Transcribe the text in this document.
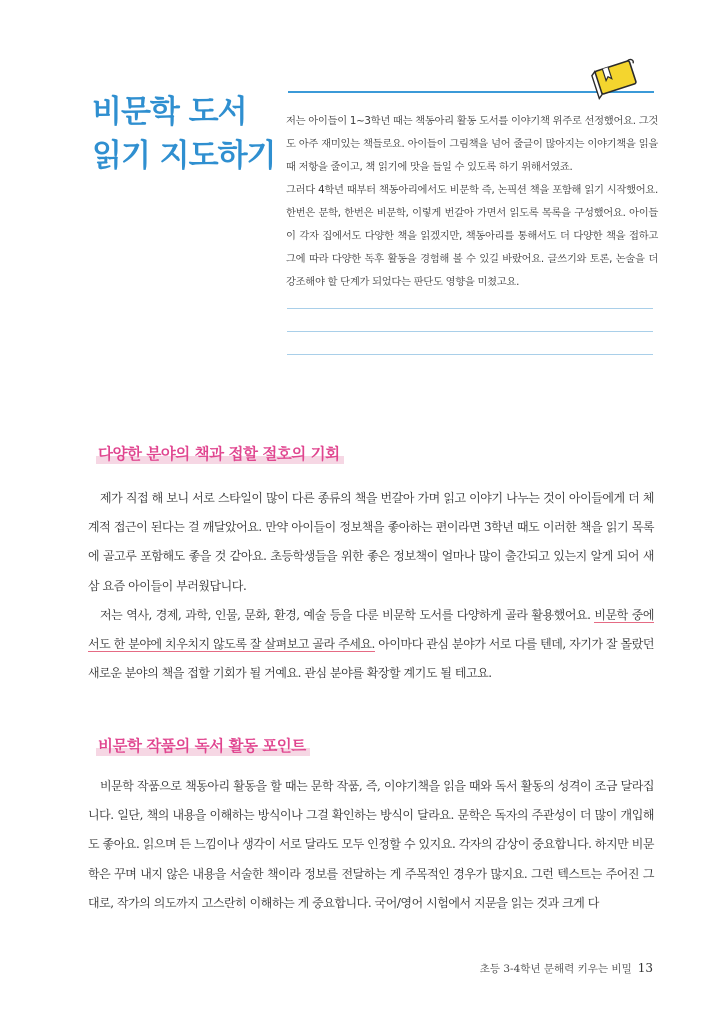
비문학 도서
읽기 지도하기

저는 아이들이 1~3학년 때는 책동아리 활동 도서를 이야기책 위주로 선정했어요. 그것도 아주 재미있는 책들로요. 아이들이 그림책을 넘어 줄글이 많아지는 이야기책을 읽을 때 저항을 줄이고, 책 읽기에 맛을 들일 수 있도록 하기 위해서였죠.

그러다 4학년 때부터 책동아리에서도 비문학 즉, 논픽션 책을 포함해 읽기 시작했어요. 한번은 문학, 한번은 비문학, 이렇게 번갈아 가면서 읽도록 목록을 구성했어요. 아이들이 각자 집에서도 다양한 책을 읽겠지만, 책동아리를 통해서도 더 다양한 책을 접하고 그에 따라 다양한 독후 활동을 경험해 볼 수 있길 바랐어요. 글쓰기와 토론, 논술을 더 강조해야 할 단계가 되었다는 판단도 영향을 미쳤고요.

다양한 분야의 책과 접할 절호의 기회

제가 직접 해 보니 서로 스타일이 많이 다른 종류의 책을 번갈아 가며 읽고 이야기 나누는 것이 아이들에게 더 체계적 접근이 된다는 걸 깨달았어요. 만약 아이들이 정보책을 좋아하는 편이라면 3학년 때도 이러한 책을 읽기 목록에 골고루 포함해도 좋을 것 같아요. 초등학생들을 위한 좋은 정보책이 얼마나 많이 출간되고 있는지 알게 되어 새삼 요즘 아이들이 부러웠답니다.

저는 역사, 경제, 과학, 인물, 문화, 환경, 예술 등을 다룬 비문학 도서를 다양하게 골라 활용했어요. 비문학 중에서도 한 분야에 치우치지 않도록 잘 살펴보고 골라 주세요. 아이마다 관심 분야가 서로 다를 텐데, 자기가 잘 몰랐던 새로운 분야의 책을 접할 기회가 될 거예요. 관심 분야를 확장할 계기도 될 테고요.

비문학 작품의 독서 활동 포인트

비문학 작품으로 책동아리 활동을 할 때는 문학 작품, 즉, 이야기책을 읽을 때와 독서 활동의 성격이 조금 달라집니다. 일단, 책의 내용을 이해하는 방식이나 그걸 확인하는 방식이 달라요. 문학은 독자의 주관성이 더 많이 개입해도 좋아요. 읽으며 든 느낌이나 생각이 서로 달라도 모두 인정할 수 있지요. 각자의 감상이 중요합니다. 하지만 비문학은 꾸며 내지 않은 내용을 서술한 책이라 정보를 전달하는 게 주목적인 경우가 많지요. 그런 텍스트는 주어진 그대로, 작가의 의도까지 고스란히 이해하는 게 중요합니다. 국어/영어 시험에서 지문을 읽는 것과 크게 다

초등 3-4학년 문해력 키우는 비밀 13
